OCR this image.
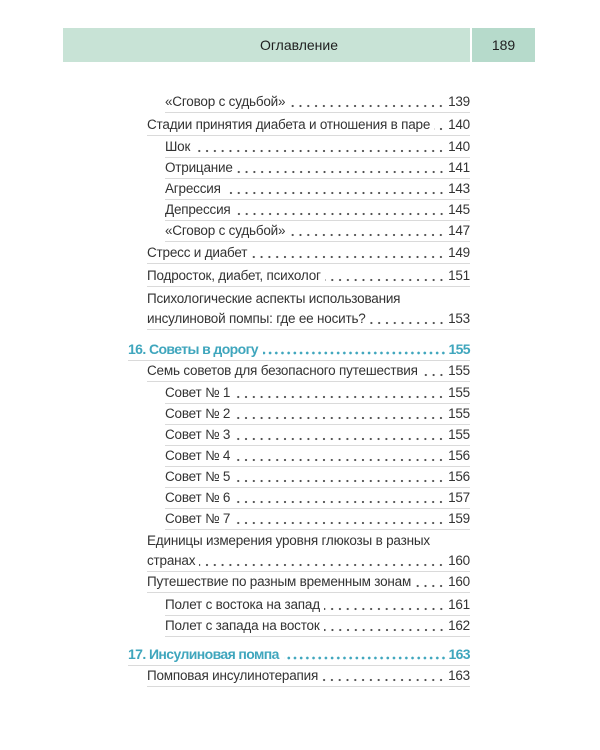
Оглавление	189
«Сговор с судьбой»	139
Стадии принятия диабета и отношения в паре 140
Шок	140
Отрицание	141
Агрессия	143
Депрессия	145
«Сговор с судьбой»	147
Стресс и диабет	149
Подросток, диабет, психолог	151
Психологические аспекты использования
инсулиновой помпы: где ее носить?	153
16. Советы в дорогу	155
Семь советов для безопасного путешествия 155
Совет № 1	155
Совет № 2	155
Совет № 3	155
Совет № 4	156
Совет № 5	156
Совет № 6	157
Совет № 7	159
Единицы измерения уровня глюкозы в разных
странах	160
Путешествие по разным временным зонам	160
Полет с востока на запад	161
Полет с запада на восток	162
17. Инсулиновая помпа	163
Помповая инсулинотерапия	163
